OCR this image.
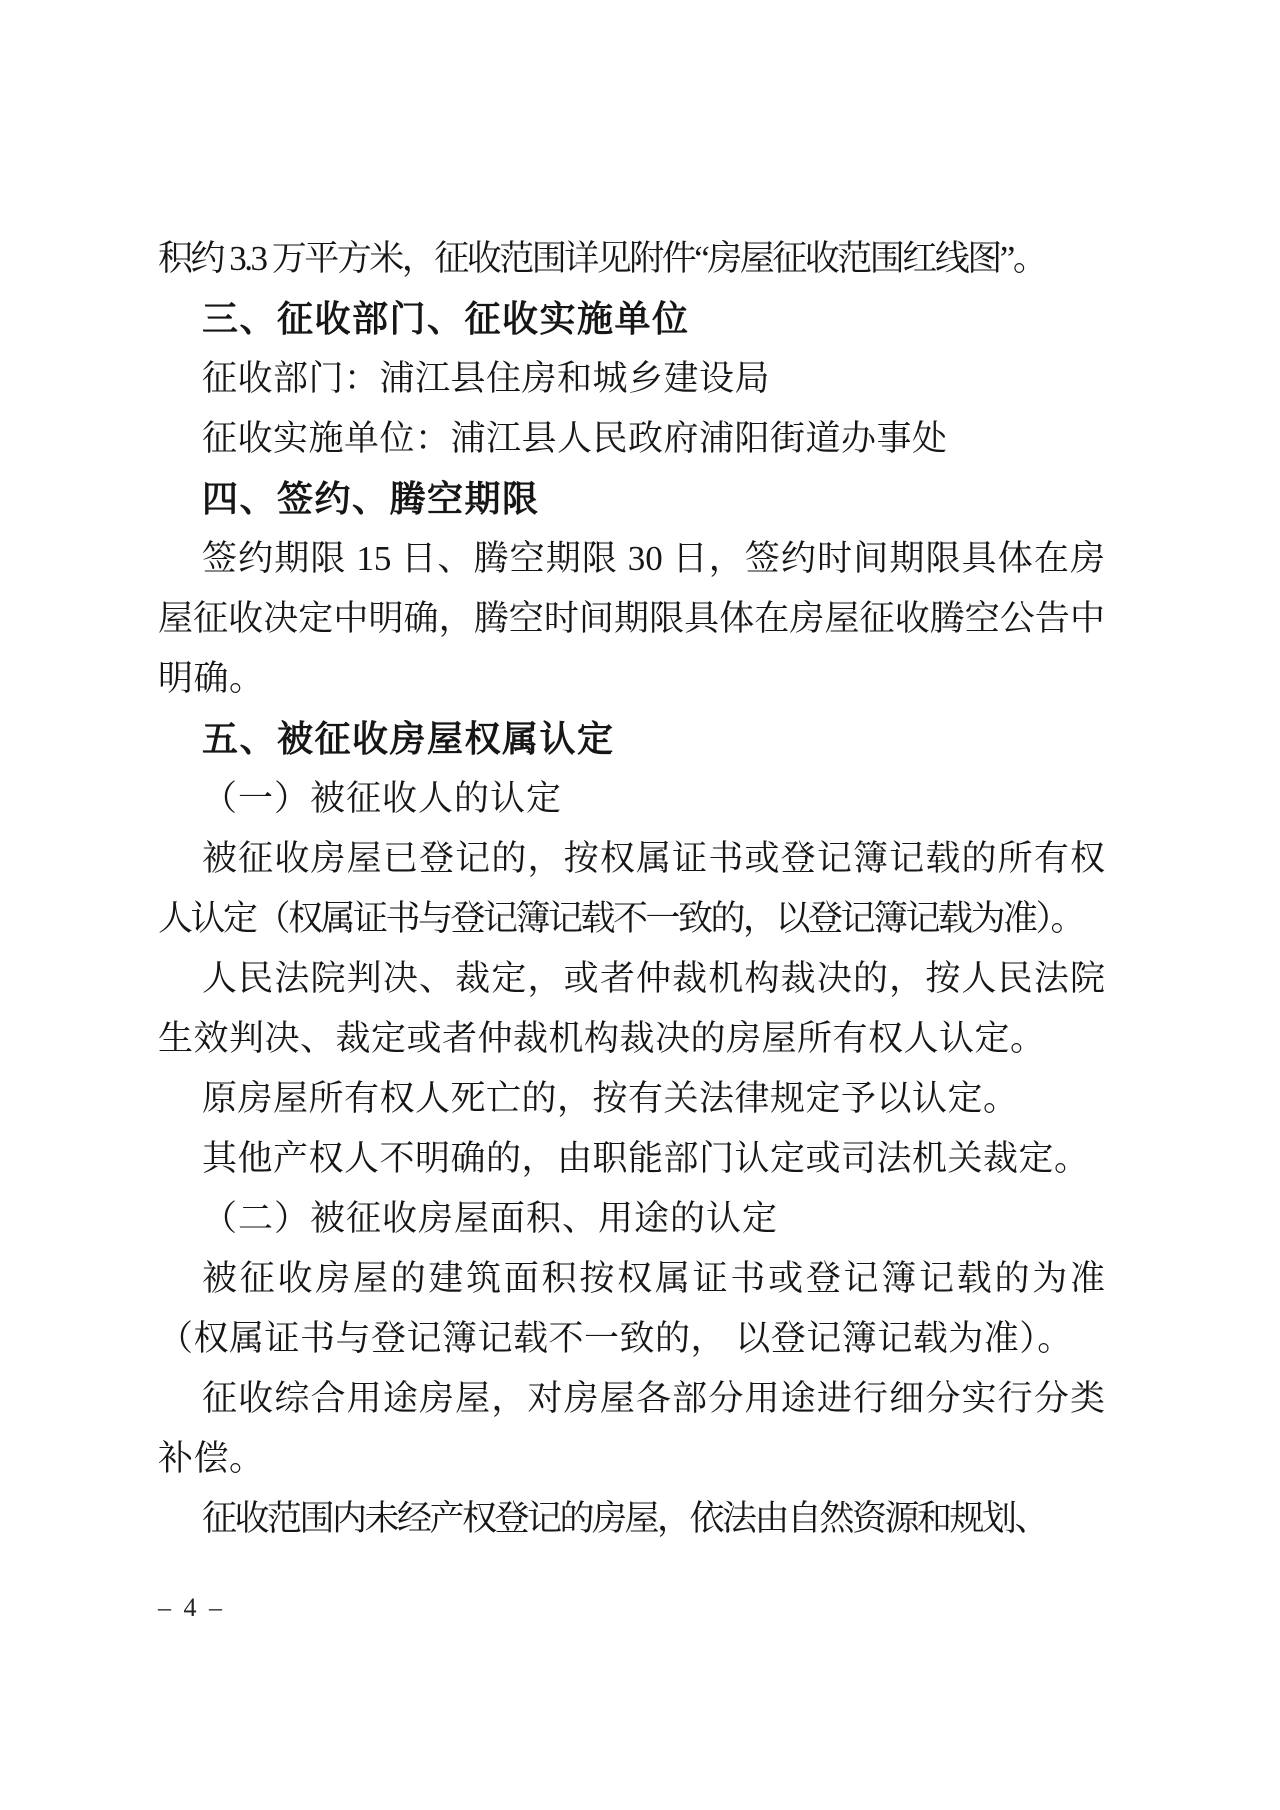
积约 3.3 万平方米，征收范围详见附件“房屋征收范围红线图”。
三、征收部门、征收实施单位
征收部门：浦江县住房和城乡建设局
征收实施单位：浦江县人民政府浦阳街道办事处
四、签约、腾空期限
签约期限 15 日、腾空期限 30 日，签约时间期限具体在房
屋征收决定中明确，腾空时间期限具体在房屋征收腾空公告中
明确。
五、被征收房屋权属认定
（一）被征收人的认定
被征收房屋已登记的，按权属证书或登记簿记载的所有权
人认定（权属证书与登记簿记载不一致的，以登记簿记载为准）。
人民法院判决、裁定，或者仲裁机构裁决的，按人民法院
生效判决、裁定或者仲裁机构裁决的房屋所有权人认定。
原房屋所有权人死亡的，按有关法律规定予以认定。
其他产权人不明确的，由职能部门认定或司法机关裁定。
（二）被征收房屋面积、用途的认定
被征收房屋的建筑面积按权属证书或登记簿记载的为准
（权属证书与登记簿记载不一致的， 以登记簿记载为准）。
征收综合用途房屋，对房屋各部分用途进行细分实行分类
补偿。
征收范围内未经产权登记的房屋，依法由自然资源和规划、
– 4 –
